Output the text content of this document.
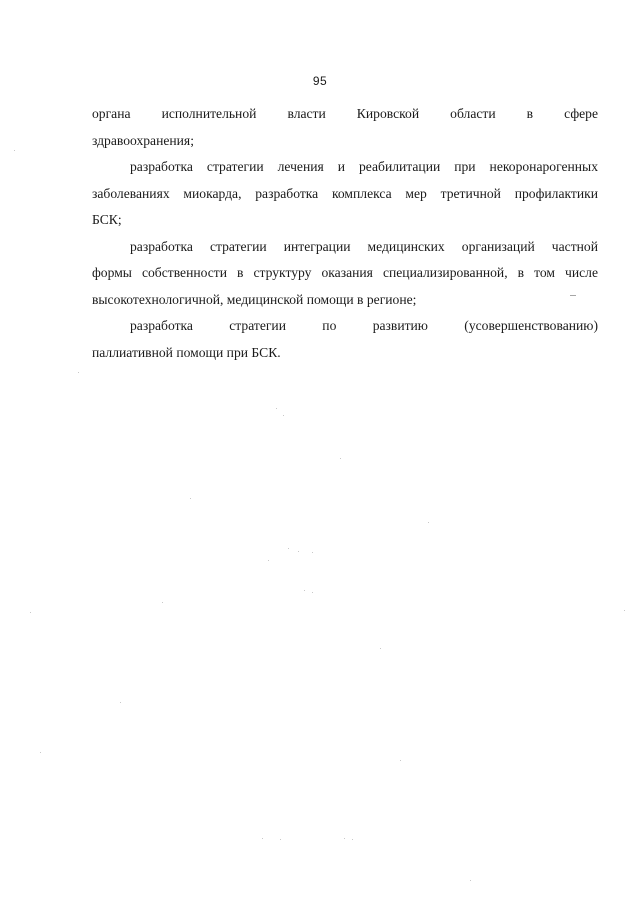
95

органа исполнительной власти Кировской области в сфере
здравоохранения;

разработка стратегии лечения и реабилитации при некоронарогенных
заболеваниях миокарда, разработка комплекса мер третичной профилактики
БСК;

разработка стратегии интеграции медицинских организаций частной
формы собственности в структуру оказания специализированной, в том числе
высокотехнологичной, медицинской помощи в регионе;

разработка стратегии по развитию (усовершенствованию)
паллиативной помощи при БСК.
